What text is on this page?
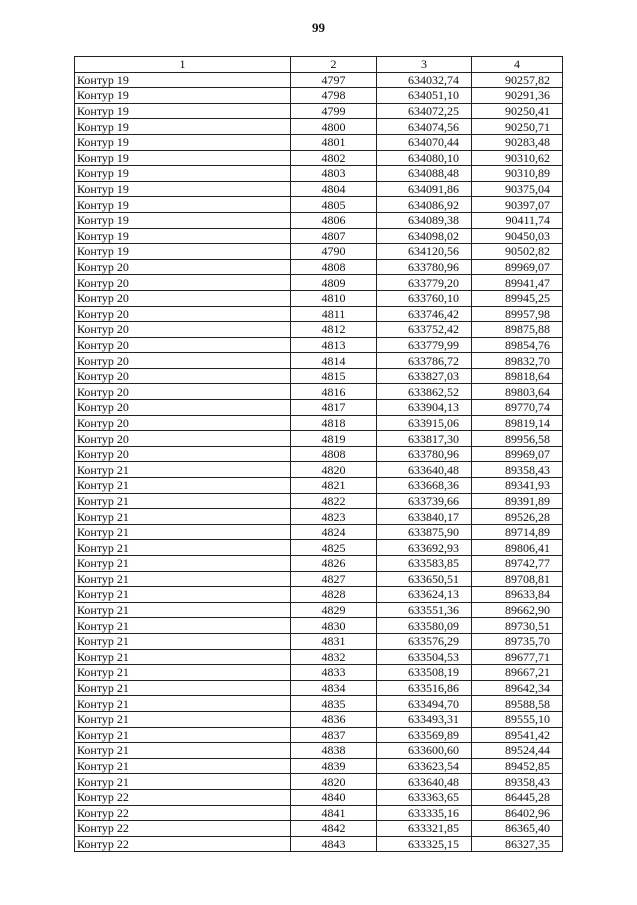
99
1	2	3	4
Контур 19	4797	634032,74	90257,82
Контур 19	4798	634051,10	90291,36
Контур 19	4799	634072,25	90250,41
Контур 19	4800	634074,56	90250,71
Контур 19	4801	634070,44	90283,48
Контур 19	4802	634080,10	90310,62
Контур 19	4803	634088,48	90310,89
Контур 19	4804	634091,86	90375,04
Контур 19	4805	634086,92	90397,07
Контур 19	4806	634089,38	90411,74
Контур 19	4807	634098,02	90450,03
Контур 19	4790	634120,56	90502,82
Контур 20	4808	633780,96	89969,07
Контур 20	4809	633779,20	89941,47
Контур 20	4810	633760,10	89945,25
Контур 20	4811	633746,42	89957,98
Контур 20	4812	633752,42	89875,88
Контур 20	4813	633779,99	89854,76
Контур 20	4814	633786,72	89832,70
Контур 20	4815	633827,03	89818,64
Контур 20	4816	633862,52	89803,64
Контур 20	4817	633904,13	89770,74
Контур 20	4818	633915,06	89819,14
Контур 20	4819	633817,30	89956,58
Контур 20	4808	633780,96	89969,07
Контур 21	4820	633640,48	89358,43
Контур 21	4821	633668,36	89341,93
Контур 21	4822	633739,66	89391,89
Контур 21	4823	633840,17	89526,28
Контур 21	4824	633875,90	89714,89
Контур 21	4825	633692,93	89806,41
Контур 21	4826	633583,85	89742,77
Контур 21	4827	633650,51	89708,81
Контур 21	4828	633624,13	89633,84
Контур 21	4829	633551,36	89662,90
Контур 21	4830	633580,09	89730,51
Контур 21	4831	633576,29	89735,70
Контур 21	4832	633504,53	89677,71
Контур 21	4833	633508,19	89667,21
Контур 21	4834	633516,86	89642,34
Контур 21	4835	633494,70	89588,58
Контур 21	4836	633493,31	89555,10
Контур 21	4837	633569,89	89541,42
Контур 21	4838	633600,60	89524,44
Контур 21	4839	633623,54	89452,85
Контур 21	4820	633640,48	89358,43
Контур 22	4840	633363,65	86445,28
Контур 22	4841	633335,16	86402,96
Контур 22	4842	633321,85	86365,40
Контур 22	4843	633325,15	86327,35
